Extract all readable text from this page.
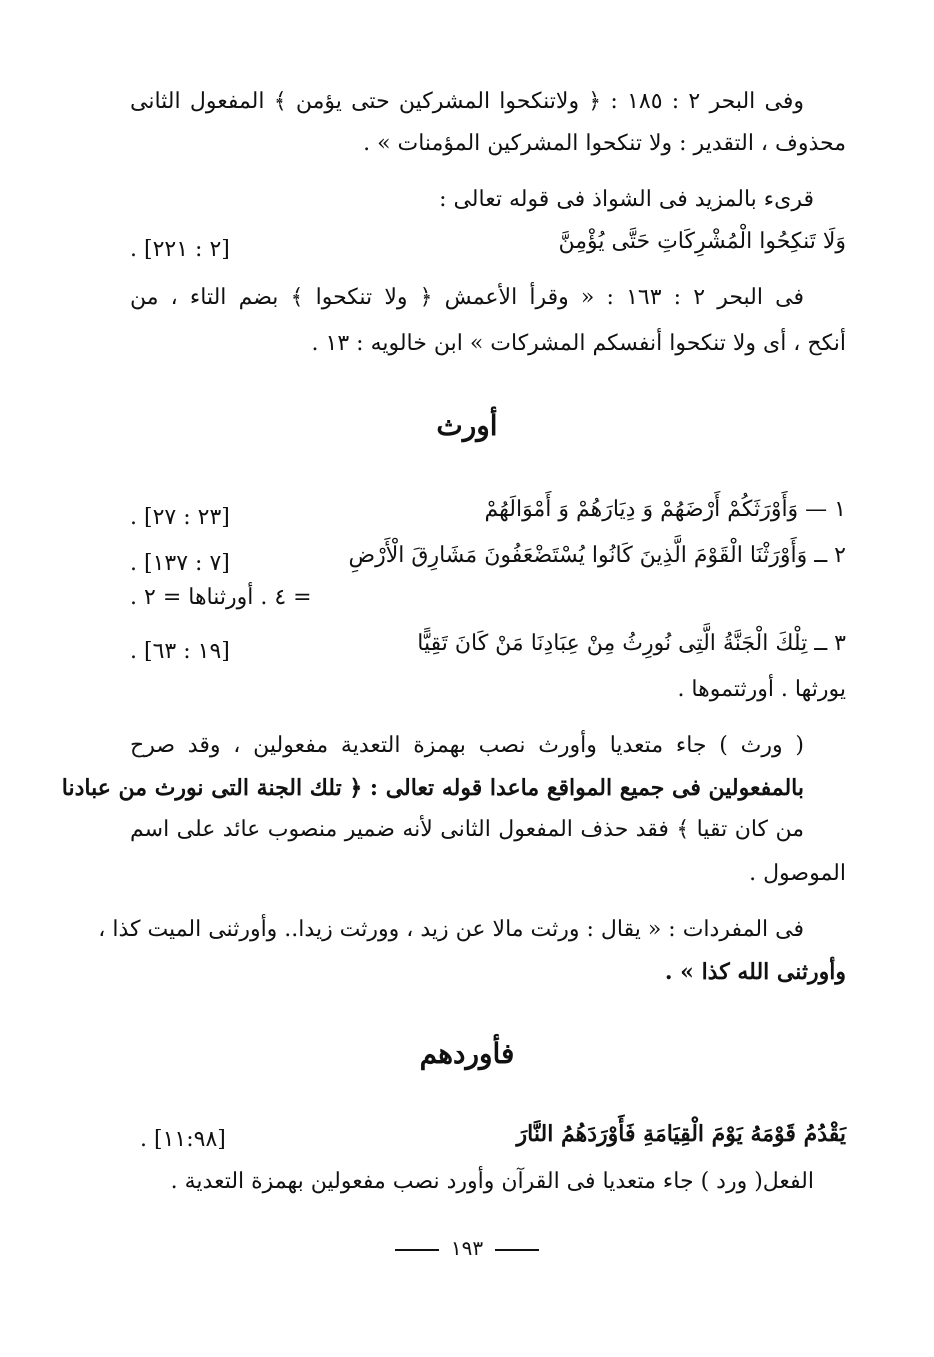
وفى البحر ٢ : ١٨٥ : ﴿ ولاتنكحوا المشركين حتى يؤمن ﴾ المفعول الثانى
محذوف ، التقدير : ولا تنكحوا المشركين المؤمنات » .
قرىء بالمزيد فى الشواذ فى قوله تعالى :
وَلَا تَنكِحُوا الْمُشْرِكَاتِ حَتَّى يُؤْمِنَّ
. [٢ : ٢٢١]
فى البحر ٢ : ١٦٣ : « وقرأ الأعمش ﴿ ولا تنكحوا ﴾ بضم التاء ، من
أنكح ، أى ولا تنكحوا أنفسكم المشركات » ابن خالويه : ١٣ .
أورث
١ — وَأَوْرَثَكُمْ أَرْضَهُمْ وَ دِيَارَهُمْ وَ أَمْوَالَهُمْ
. [٢٣ : ٢٧]
٢ ــ وَأَوْرَثْنَا الْقَوْمَ الَّذِينَ كَانُوا يُسْتَضْعَفُونَ مَشَارِقَ الْأَرْضِ
. [٧ : ١٣٧]
= ٤ . أورثناها = ٢ .
٣ ــ تِلْكَ الْجَنَّةُ الَّتِى نُورِثُ مِنْ عِبَادِنَا مَنْ كَانَ تَقِيًّا
. [١٩ : ٦٣]
يورثها . أورثتموها .
( ورث ) جاء متعديا وأورث نصب بهمزة التعدية مفعولين ، وقد صرح
بالمفعولين فى جميع المواقع ماعدا قوله تعالى : ﴿ تلك الجنة التى نورث من عبادنا
من كان تقيا ﴾ فقد حذف المفعول الثانى لأنه ضمير منصوب عائد على اسم
الموصول .
فى المفردات : « يقال : ورثت مالا عن زيد ، وورثت زيدا.. وأورثنى الميت كذا ،
وأورثنى الله كذا » .
فأوردهم
يَقْدُمُ قَوْمَهُ يَوْمَ الْقِيَامَةِ فَأَوْرَدَهُمُ النَّارَ
. [١١:٩٨]
الفعل( ورد ) جاء متعديا فى القرآن وأورد نصب مفعولين بهمزة التعدية .
١٩٣
